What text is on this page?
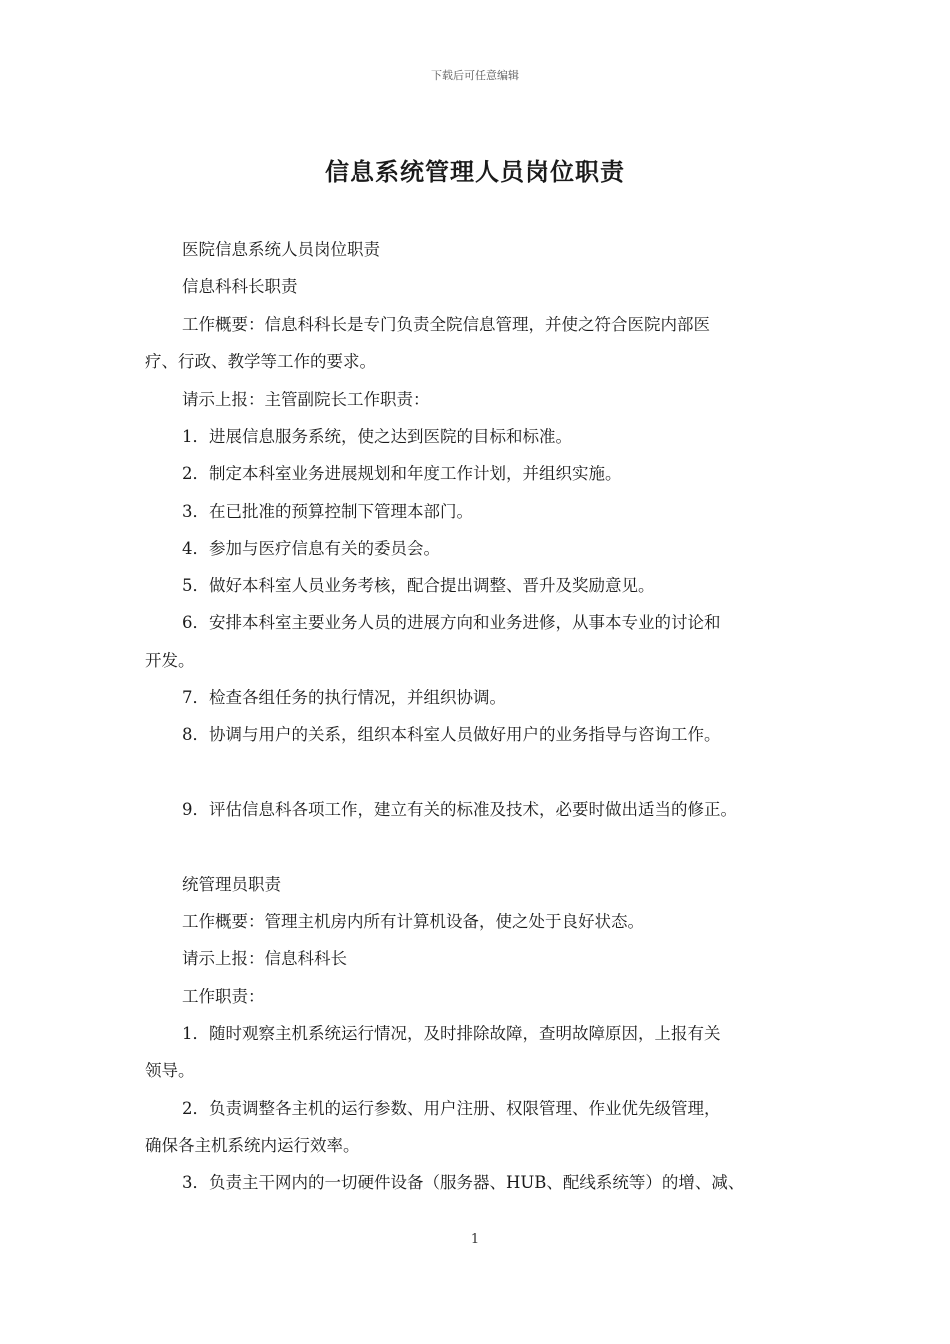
下载后可任意编辑
信息系统管理人员岗位职责
医院信息系统人员岗位职责
信息科科长职责
工作概要：信息科科长是专门负责全院信息管理，并使之符合医院内部医
疗、行政、教学等工作的要求。
请示上报：主管副院长工作职责：
1．进展信息服务系统，使之达到医院的目标和标准。
2．制定本科室业务进展规划和年度工作计划，并组织实施。
3．在已批准的预算控制下管理本部门。
4．参加与医疗信息有关的委员会。
5．做好本科室人员业务考核，配合提出调整、晋升及奖励意见。
6．安排本科室主要业务人员的进展方向和业务进修，从事本专业的讨论和
开发。
7．检查各组任务的执行情况，并组织协调。
8．协调与用户的关系，组织本科室人员做好用户的业务指导与咨询工作。
9．评估信息科各项工作，建立有关的标准及技术，必要时做出适当的修正。
统管理员职责
工作概要：管理主机房内所有计算机设备，使之处于良好状态。
请示上报：信息科科长
工作职责：
1．随时观察主机系统运行情况，及时排除故障，查明故障原因，上报有关
领导。
2．负责调整各主机的运行参数、用户注册、权限管理、作业优先级管理，
确保各主机系统内运行效率。
3．负责主干网内的一切硬件设备（服务器、HUB、配线系统等）的增、减、
1
